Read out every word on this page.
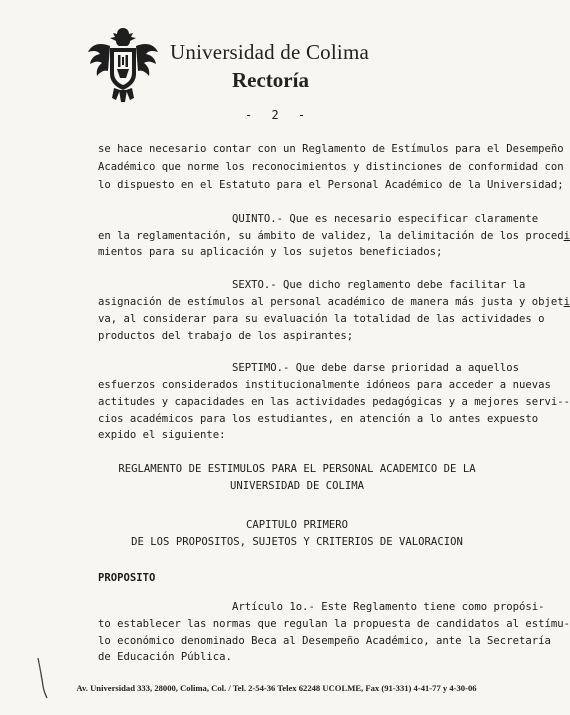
Universidad de Colima
Rectoría
- 2 -
se hace necesario contar con un Reglamento de Estímulos para el Desempeño
Académico que norme los reconocimientos y distinciones de conformidad con
lo dispuesto en el Estatuto para el Personal Académico de la Universidad;
QUINTO.- Que es necesario especificar claramente
en la reglamentación, su ámbito de validez, la delimitación de los procedi
mientos para su aplicación y los sujetos beneficiados;
SEXTO.- Que dicho reglamento debe facilitar la
asignación de estímulos al personal académico de manera más justa y objeti
va, al considerar para su evaluación la totalidad de las actividades o
productos del trabajo de los aspirantes;
SEPTIMO.- Que debe darse prioridad a aquellos
esfuerzos considerados institucionalmente idóneos para acceder a nuevas
actitudes y capacidades en las actividades pedagógicas y a mejores servi--
cios académicos para los estudiantes, en atención a lo antes expuesto
expido el siguiente:
REGLAMENTO DE ESTIMULOS PARA EL PERSONAL ACADEMICO DE LA
UNIVERSIDAD DE COLIMA
CAPITULO PRIMERO
DE LOS PROPOSITOS, SUJETOS Y CRITERIOS DE VALORACION
PROPOSITO
Artículo 1o.- Este Reglamento tiene como propósi-
to establecer las normas que regulan la propuesta de candidatos al estímu-
lo económico denominado Beca al Desempeño Académico, ante la Secretaría
de Educación Pública.
Av. Universidad 333, 28000, Colima, Col. / Tel. 2-54-36 Telex 62248 UCOLME, Fax (91-331) 4-41-77 y 4-30-06
